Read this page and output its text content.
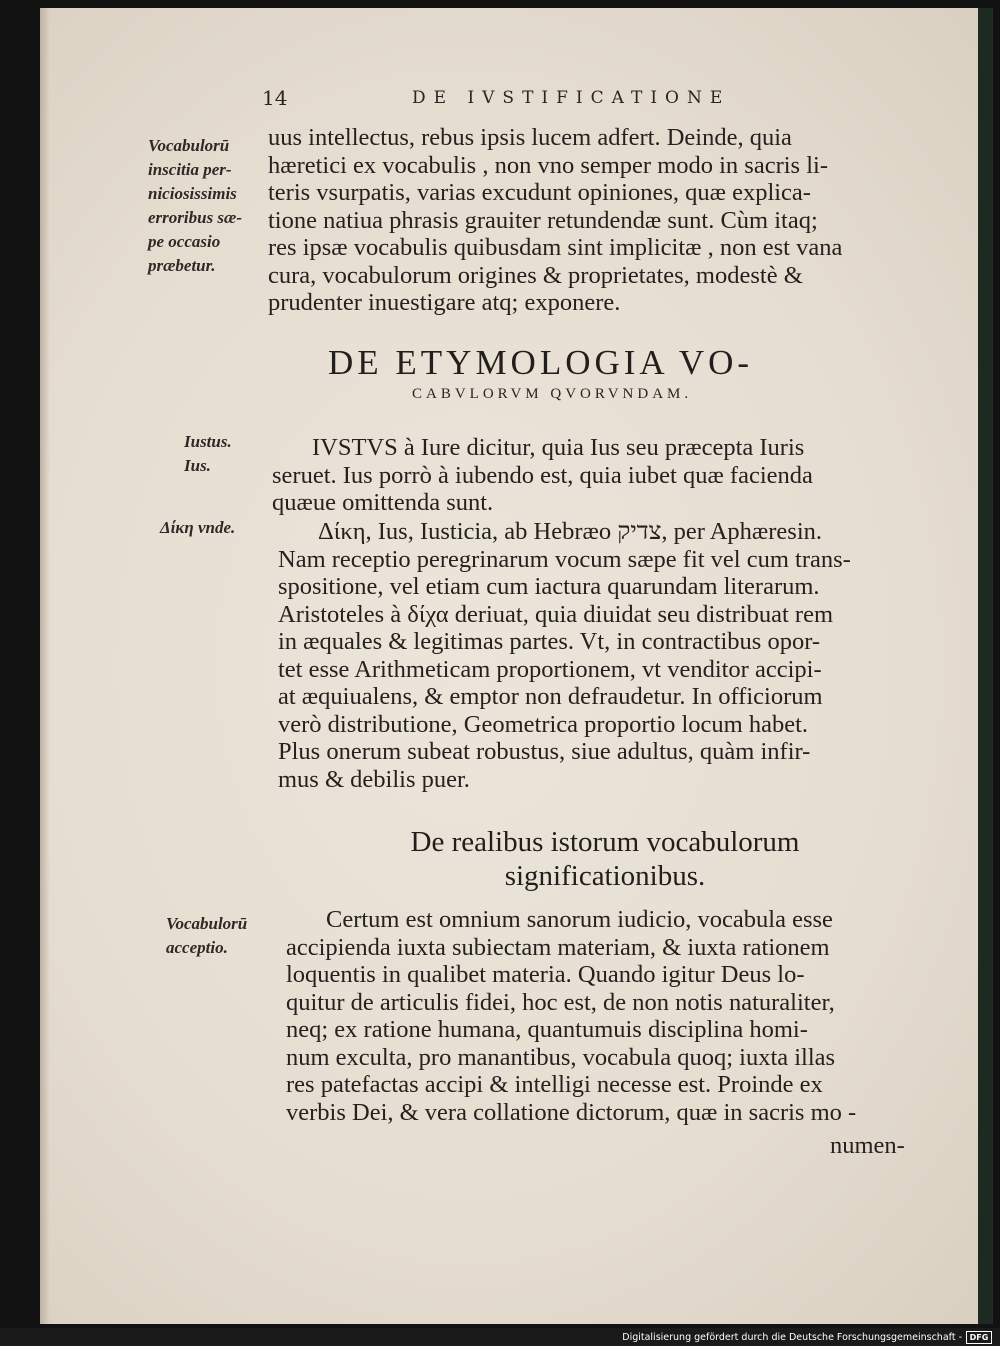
14	DE IVSTIFICATIONE
Vocabulorū
inscitia per-
niciosissimis
erroribus sæ-
pe occasio
præbetur.
uus intellectus, rebus ipsis lucem adfert. Deinde, quia
hæretici ex vocabulis , non vno semper modo in sacris li-
teris vsurpatis, varias excudunt opiniones, quæ explica-
tione natiua phrasis grauiter retundendæ sunt. Cùm itaq;
res ipsæ vocabulis quibusdam sint implicitæ , non est vana
cura, vocabulorum origines & proprietates, modestè &
prudenter inuestigare atq; exponere.
DE ETYMOLOGIA VO-
CABVLORVM QVORVNDAM.
Iustus.
Ius.
IVSTVS à Iure dicitur, quia Ius seu præcepta Iuris
seruet. Ius porrò à iubendo est, quia iubet quæ facienda
quæue omittenda sunt.
Δίκη vnde.	Δίκη, Ius, Iusticia, ab Hebræo צדיק, per Aphæresin.
Nam receptio peregrinarum vocum sæpe fit vel cum trans-
spositione, vel etiam cum iactura quarundam literarum.
Aristoteles à δίχα deriuat, quia diuidat seu distribuat rem
in æquales & legitimas partes. Vt, in contractibus opor-
tet esse Arithmeticam proportionem, vt venditor accipi-
at æquiualens, & emptor non defraudetur. In officiorum
verò distributione, Geometrica proportio locum habet.
Plus onerum subeat robustus, siue adultus, quàm infir-
mus & debilis puer.
De realibus istorum vocabulorum
significationibus.
Vocabulorū
acceptio.
Certum est omnium sanorum iudicio, vocabula esse
accipienda iuxta subiectam materiam, & iuxta rationem
loquentis in qualibet materia. Quando igitur Deus lo-
quitur de articulis fidei, hoc est, de non notis naturaliter,
neq; ex ratione humana, quantumuis disciplina homi-
num exculta, pro manantibus, vocabula quoq; iuxta illas
res patefactas accipi & intelligi necesse est. Proinde ex
verbis Dei, & vera collatione dictorum, quæ in sacris mo -
numen-
Digitalisierung gefördert durch die Deutsche Forschungsgemeinschaft - DFG
